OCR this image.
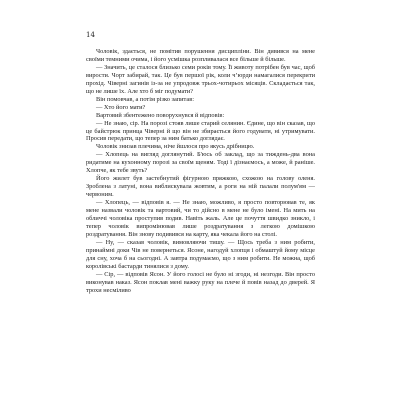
14

Чоловік, здається, не помітив порушення дисципліни. Він дивився на мене своїми темними очима, і його усмішка розпливалася все більше й більше.

— Значить, це сталося близько семи років тому. Її животу потрібен був час, щоб вирости. Чорт забирай, так. Це був першої рік, коли чʼюрди намагалися перекрити прохід. Чіверні загинів із-за не упродовж трьох-чотирьох місяців. Складається так, що не лише їх. Але хто б міг подумати?

Він помовчав, а потім різко запитав:

— Хто його мати?

Вартовий збентежено поворухнувся й відповів:

— Не знаю, сір. На порозі стояв лише старий селянин. Єдине, що він сказав, що це байстрюк принца Чіверні й що він не збирається його годувати, ні утримувати. Просив передати, що тепер за ним батько доглядає.

Чоловік знизав плечима, ніче йшлося про якусь дрібницю.

— Хлопець на вигляд доглянутий. Б'юсь об заклад, що за тиждень-два вона ридатиме на кухонному порозі за своїм щеням. Тоді ї дізнаємось, а може, й раніше. Хлопче, як тебе звуть?

Його жилет був застебнутий фігурною пряжкою, схожою на голову оленя. Зроблена з латуні, вона виблискувала жовтим, а роги на ній палали полум'ям — червоним.

— Хлопець, — відповів я. — Не знаю, можливо, я просто повторював те, як мене назвали чоловік та вартовий, чи то дійсно в мене не було імені. На мить на обличчі чоловіка проступив подив. Навіть жаль. Але це почуття швидко зникло, і тепер чоловік випромінював лише роздратування з легкою домішкою роздратування. Він знову подивився на карту, яка чекала його на столі.

— Ну, — сказав чоловік, вимовляючи тишу. — Щось треба з ним робити, принаймні доки Чів не повернеться. Ясоне, нагодуй хлопця і обмаштуй йому місце для сну, хоча б на сьогодні. А завтра подумаємо, що з ним робити. Не можна, щоб королівські бастарди тинялися з дому.

— Сір, — відповів Ясон. У його голосі не було ні згоди, ні незгоди. Він просто виконував наказ. Ясон поклав мені важку руку на плече й повів назад до дверей. Я трохи несміливо
